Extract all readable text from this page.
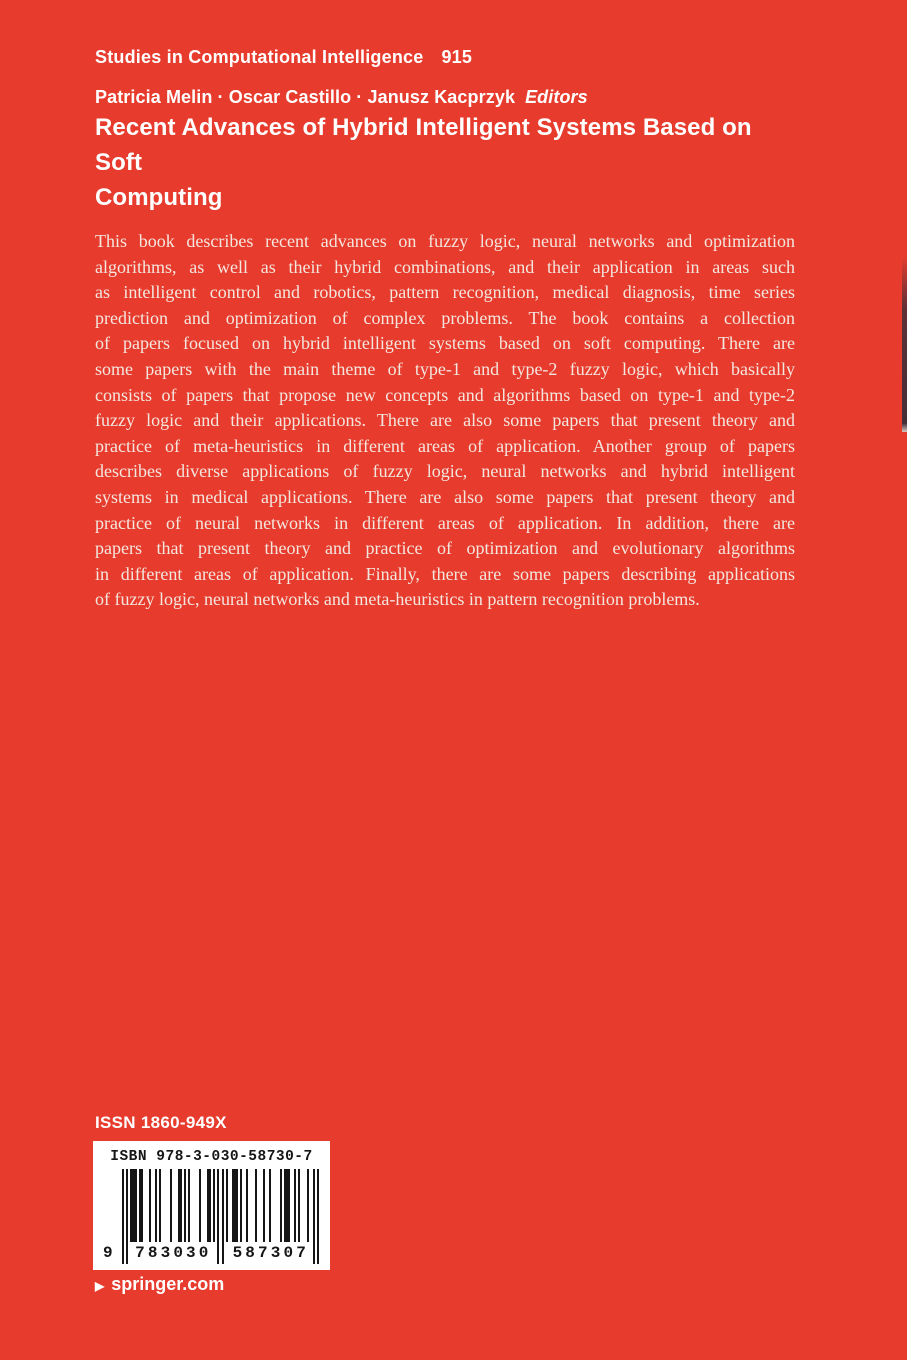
Studies in Computational Intelligence 915
Patricia Melin · Oscar Castillo · Janusz Kacprzyk Editors
Recent Advances of Hybrid Intelligent Systems Based on Soft
Computing
This book describes recent advances on fuzzy logic, neural networks and optimization
algorithms, as well as their hybrid combinations, and their application in areas such
as intelligent control and robotics, pattern recognition, medical diagnosis, time series
prediction and optimization of complex problems. The book contains a collection
of papers focused on hybrid intelligent systems based on soft computing. There are
some papers with the main theme of type-1 and type-2 fuzzy logic, which basically
consists of papers that propose new concepts and algorithms based on type-1 and type-2
fuzzy logic and their applications. There are also some papers that present theory and
practice of meta-heuristics in different areas of application. Another group of papers
describes diverse applications of fuzzy logic, neural networks and hybrid intelligent
systems in medical applications. There are also some papers that present theory and
practice of neural networks in different areas of application. In addition, there are
papers that present theory and practice of optimization and evolutionary algorithms
in different areas of application. Finally, there are some papers describing applications
of fuzzy logic, neural networks and meta-heuristics in pattern recognition problems.
ISSN 1860-949X
ISBN 978-3-030-58730-7
9	7 8 3 0 3 0 5 8 7 3 0 7
▶ springer.com
